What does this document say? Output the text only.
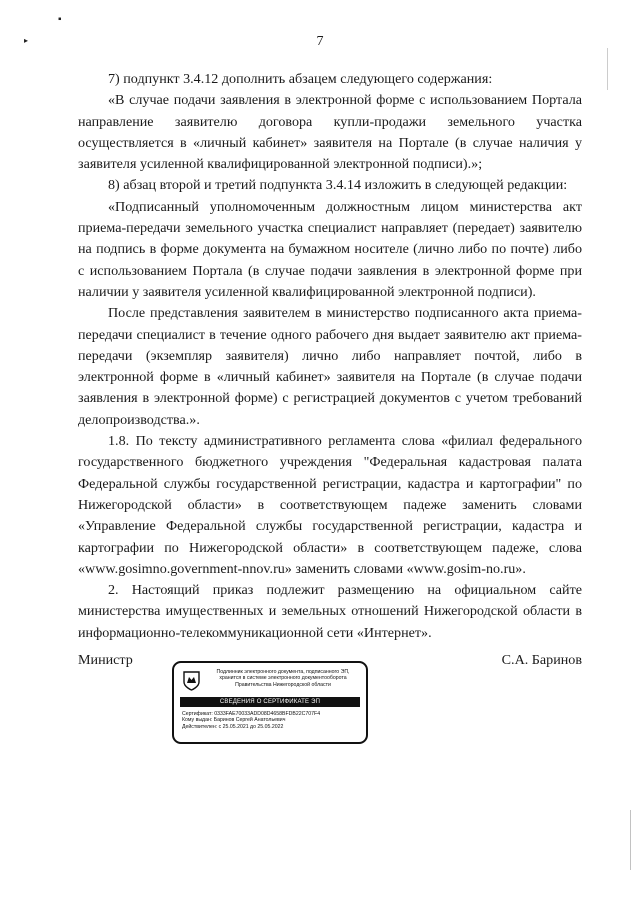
7

7) подпункт 3.4.12 дополнить абзацем следующего содержания:

«В случае подачи заявления в электронной форме с использованием Портала направление заявителю договора купли-продажи земельного участка осуществляется в «личный кабинет» заявителя на Портале (в случае наличия у заявителя усиленной квалифицированной электронной подписи).»;

8) абзац второй и третий подпункта 3.4.14 изложить в следующей редакции:

«Подписанный уполномоченным должностным лицом министерства акт приема-передачи земельного участка специалист направляет (передает) заявителю на подпись в форме документа на бумажном носителе (лично либо по почте) либо с использованием Портала (в случае подачи заявления в электронной форме при наличии у заявителя усиленной квалифицированной электронной подписи).

После представления заявителем в министерство подписанного акта приема-передачи специалист в течение одного рабочего дня выдает заявителю акт приема-передачи (экземпляр заявителя) лично либо направляет почтой, либо в электронной форме в «личный кабинет» заявителя на Портале (в случае подачи заявления в электронной форме) с регистрацией документов с учетом требований делопроизводства.».

1.8. По тексту административного регламента слова «филиал федерального государственного бюджетного учреждения "Федеральная кадастровая палата Федеральной службы государственной регистрации, кадастра и картографии" по Нижегородской области» в соответствующем падеже заменить словами «Управление Федеральной службы государственной регистрации, кадастра и картографии по Нижегородской области» в соответствующем падеже, слова «www.gosimno.government-nnov.ru» заменить словами «www.gosim-no.ru».

2. Настоящий приказ подлежит размещению на официальном сайте министерства имущественных и земельных отношений Нижегородской области в информационно-телекоммуникационной сети «Интернет».

Министр	С.А. Баринов
Подлинник электронного документа, подписанного ЭП,
хранится в системе электронного документооборота
Правительства Нижегородской области
СВЕДЕНИЯ О СЕРТИФИКАТЕ ЭП
Сертификат: 0333FAE70033ADD08D4658BFDB22C707F4
Кому выдан: Баринов Сергей Анатольевич
Действителен: с 25.05.2021 до 25.05.2022
▪
▸
